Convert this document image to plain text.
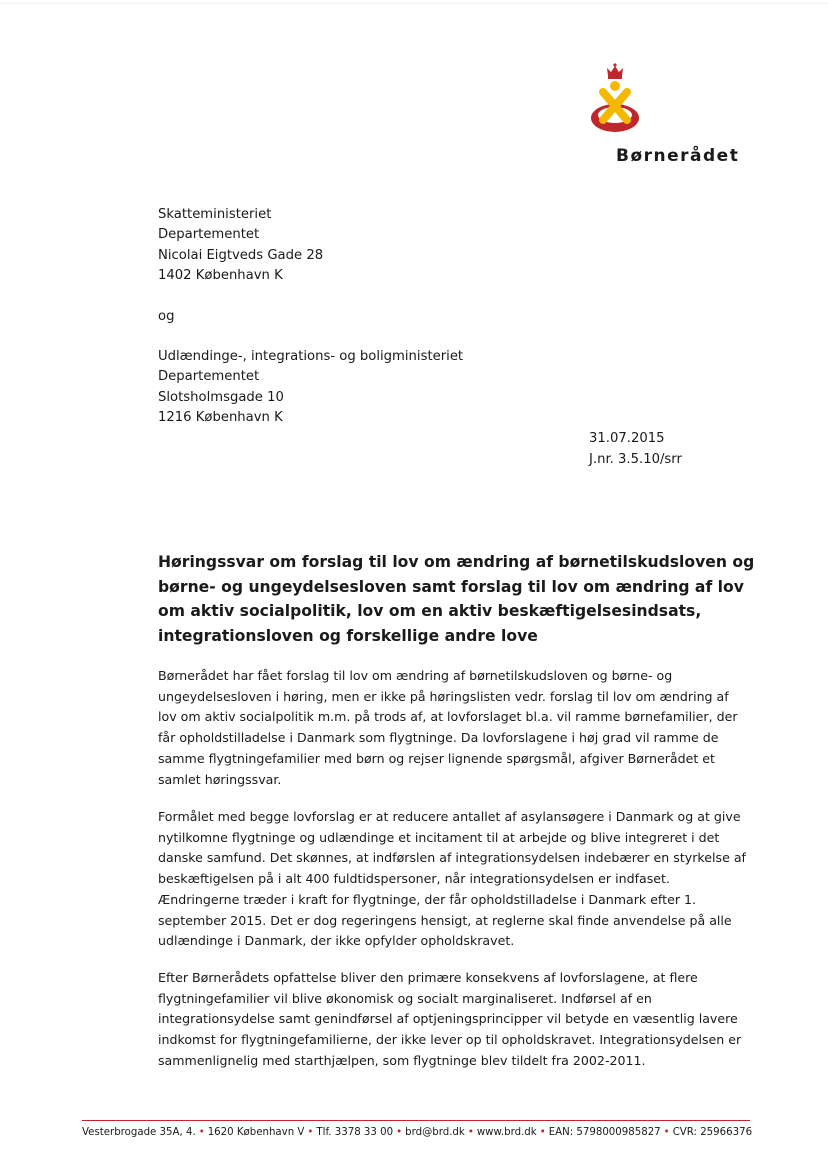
Børnerådet
Skatteministeriet
Departementet
Nicolai Eigtveds Gade 28
1402 København K
og
Udlændinge-, integrations- og boligministeriet
Departementet
Slotsholmsgade 10
1216 København K
31.07.2015
J.nr. 3.5.10/srr
Høringssvar om forslag til lov om ændring af børnetilskudsloven og børne- og ungeydelsesloven samt forslag til lov om ændring af lov om aktiv socialpolitik, lov om en aktiv beskæftigelsesindsats, integrationsloven og forskellige andre love

Børnerådet har fået forslag til lov om ændring af børnetilskudsloven og børne- og ungeydelsesloven i høring, men er ikke på høringslisten vedr. forslag til lov om ændring af lov om aktiv socialpolitik m.m. på trods af, at lovforslaget bl.a. vil ramme børnefamilier, der får opholdstilladelse i Danmark som flygtninge. Da lovforslagene i høj grad vil ramme de samme flygtningefamilier med børn og rejser lignende spørgsmål, afgiver Børnerådet et samlet høringssvar.

Formålet med begge lovforslag er at reducere antallet af asylansøgere i Danmark og at give nytilkomne flygtninge og udlændinge et incitament til at arbejde og blive integreret i det danske samfund. Det skønnes, at indførslen af integrationsydelsen indebærer en styrkelse af beskæftigelsen på i alt 400 fuldtidspersoner, når integrationsydelsen er indfaset. Ændringerne træder i kraft for flygtninge, der får opholdstilladelse i Danmark efter 1. september 2015. Det er dog regeringens hensigt, at reglerne skal finde anvendelse på alle udlændinge i Danmark, der ikke opfylder opholdskravet.

Efter Børnerådets opfattelse bliver den primære konsekvens af lovforslagene, at flere flygtningefamilier vil blive økonomisk og socialt marginaliseret. Indførsel af en integrationsydelse samt genindførsel af optjeningsprincipper vil betyde en væsentlig lavere indkomst for flygtningefamilierne, der ikke lever op til opholdskravet. Integrationsydelsen er sammenlignelig med starthjælpen, som flygtninge blev tildelt fra 2002-2011.

Vesterbrogade 35A, 4. • 1620 København V • Tlf. 3378 33 00 • brd@brd.dk • www.brd.dk • EAN: 5798000985827 • CVR: 25966376
